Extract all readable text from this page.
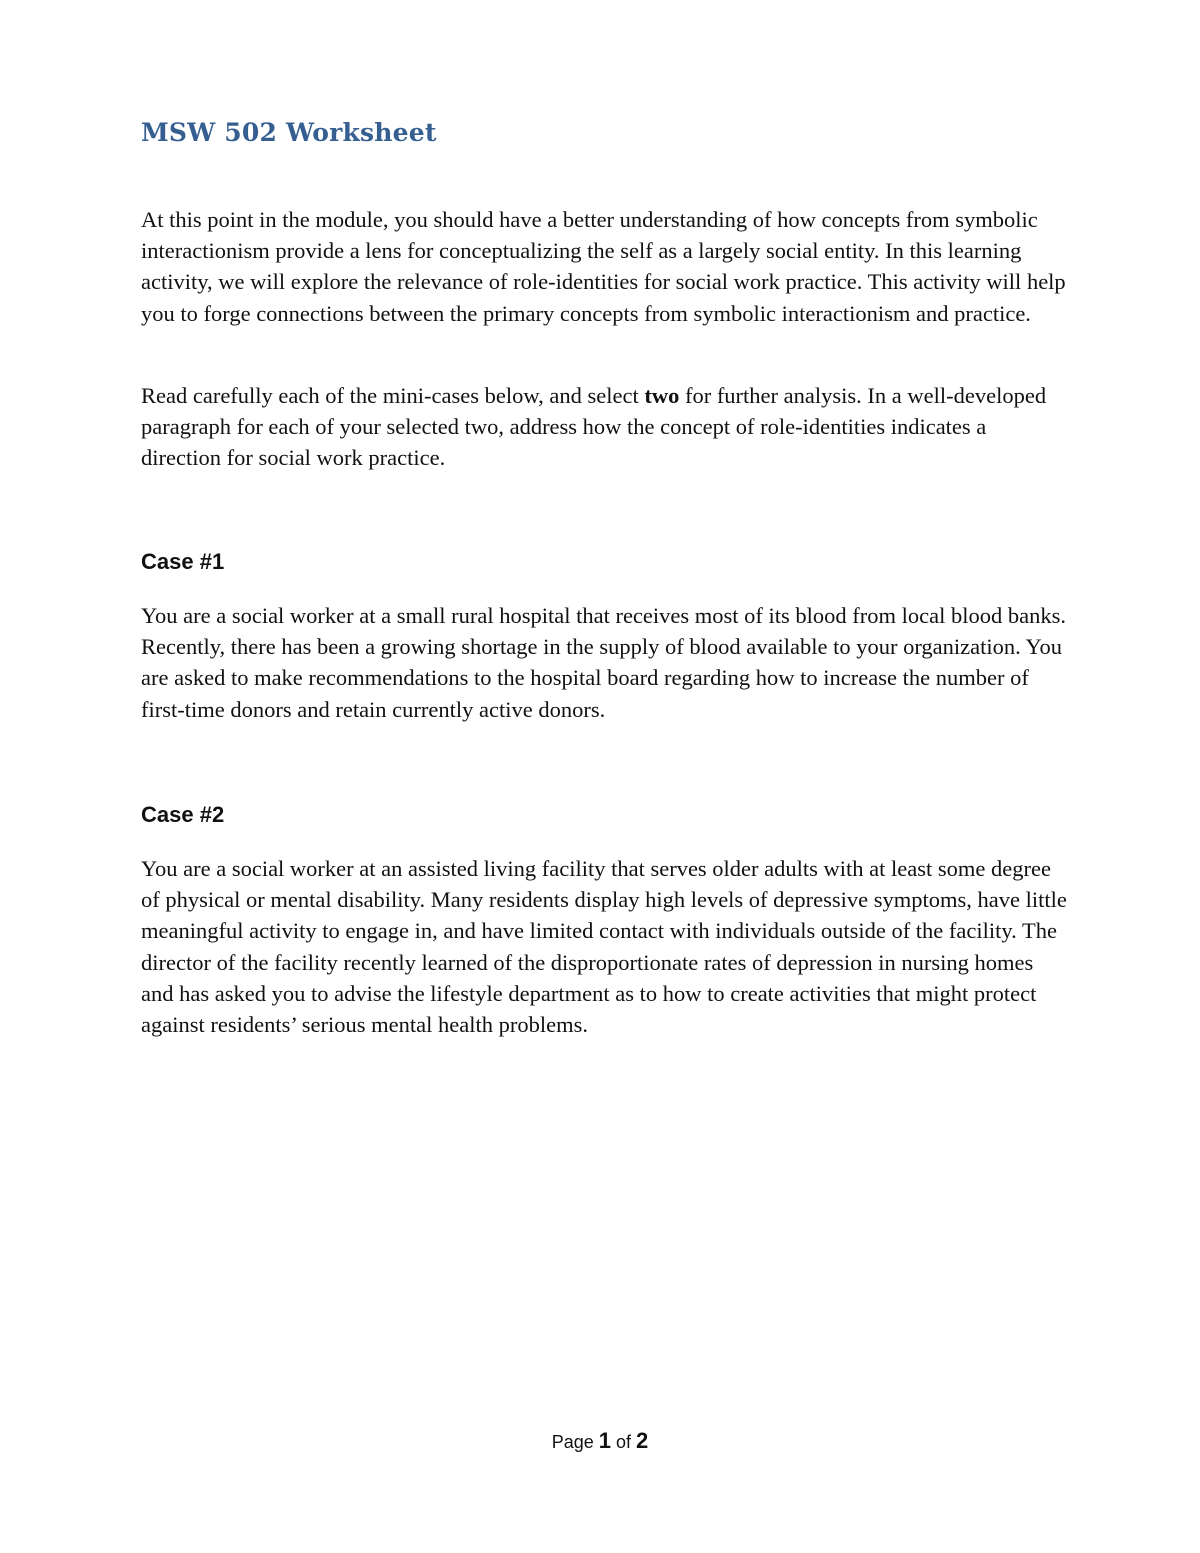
MSW 502 Worksheet

At this point in the module, you should have a better understanding of how concepts from symbolic interactionism provide a lens for conceptualizing the self as a largely social entity. In this learning activity, we will explore the relevance of role-identities for social work practice. This activity will help you to forge connections between the primary concepts from symbolic interactionism and practice.

Read carefully each of the mini-cases below, and select two for further analysis. In a well-developed paragraph for each of your selected two, address how the concept of role-identities indicates a direction for social work practice.

Case #1

You are a social worker at a small rural hospital that receives most of its blood from local blood banks. Recently, there has been a growing shortage in the supply of blood available to your organization. You are asked to make recommendations to the hospital board regarding how to increase the number of first-time donors and retain currently active donors.

Case #2

You are a social worker at an assisted living facility that serves older adults with at least some degree of physical or mental disability. Many residents display high levels of depressive symptoms, have little meaningful activity to engage in, and have limited contact with individuals outside of the facility. The director of the facility recently learned of the disproportionate rates of depression in nursing homes and has asked you to advise the lifestyle department as to how to create activities that might protect against residents’ serious mental health problems.

Page 1 of 2
